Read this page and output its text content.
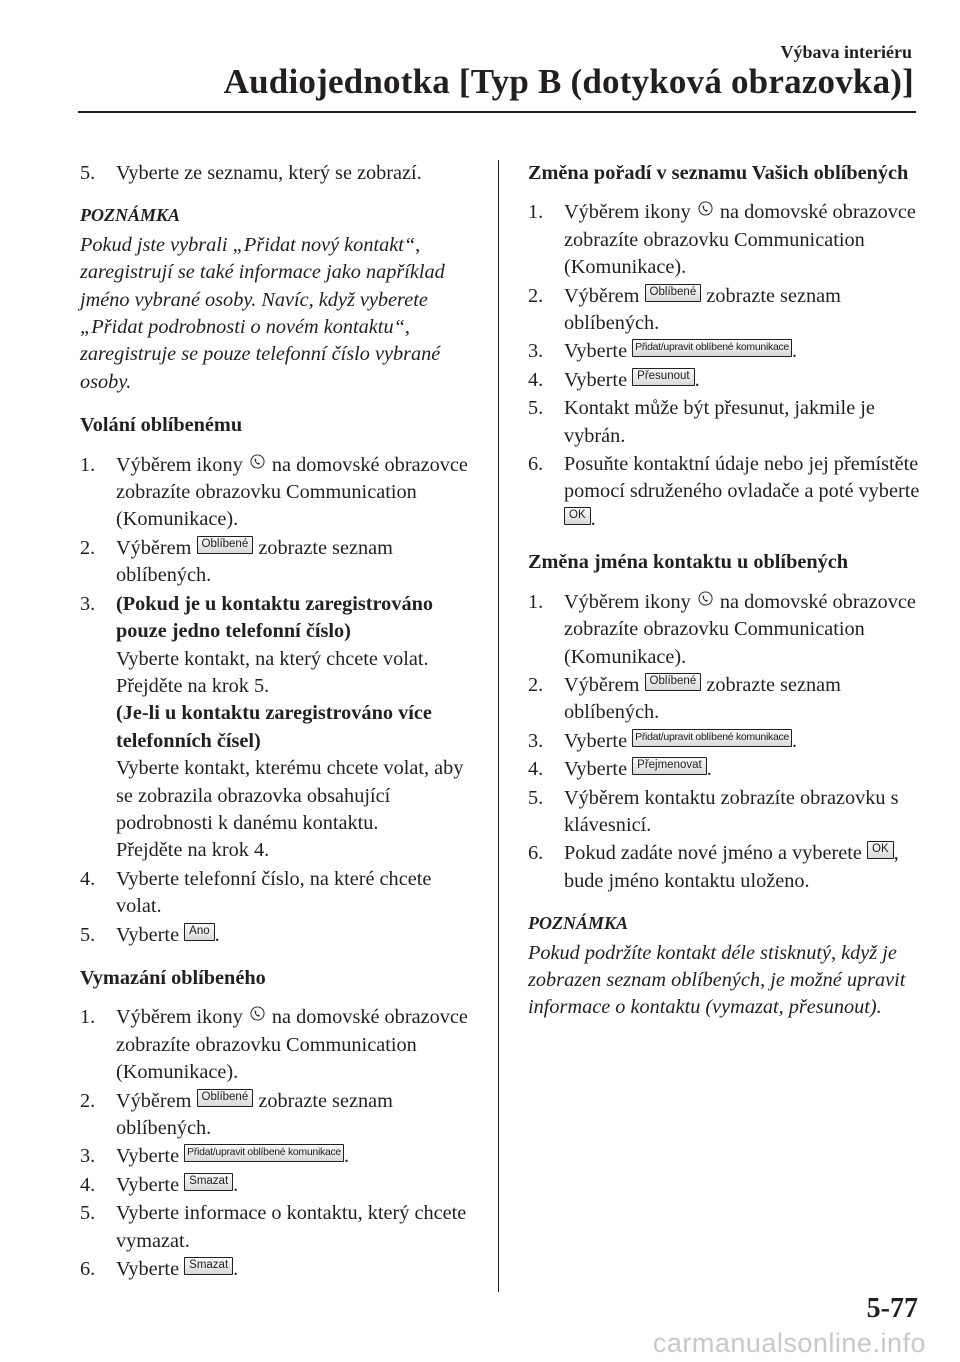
Výbava interiéru
Audiojednotka [Typ B (dotyková obrazovka)]
5. Vyberte ze seznamu, který se zobrazí.
POZNÁMKA

Pokud jste vybrali „Přidat nový kontakt“, zaregistrují se také informace jako například jméno vybrané osoby. Navíc, když vyberete „Přidat podrobnosti o novém kontaktu“, zaregistruje se pouze telefonní číslo vybrané osoby.

Volání oblíbenému
1. Výběrem ikony na domovské obrazovce zobrazíte obrazovku Communication (Komunikace).
2. Výběrem Oblíbené zobrazte seznam oblíbených.
3. (Pokud je u kontaktu zaregistrováno pouze jedno telefonní číslo)

Vyberte kontakt, na který chcete volat.

Přejděte na krok 5.

(Je-li u kontaktu zaregistrováno více telefonních čísel)

Vyberte kontakt, kterému chcete volat, aby se zobrazila obrazovka obsahující podrobnosti k danému kontaktu.

Přejděte na krok 4.

4. Vyberte telefonní číslo, na které chcete volat.
5. Vyberte Ano .
Vymazání oblíbeného
1. Výběrem ikony na domovské obrazovce zobrazíte obrazovku Communication (Komunikace).
2. Výběrem Oblíbené zobrazte seznam oblíbených.
3. Vyberte Přidat/upravit oblíbené komunikace .
4. Vyberte Smazat .
5. Vyberte informace o kontaktu, který chcete vymazat.
6. Vyberte Smazat .
Změna pořadí v seznamu Vašich oblíbených
1. Výběrem ikony na domovské obrazovce zobrazíte obrazovku Communication (Komunikace).
2. Výběrem Oblíbené zobrazte seznam oblíbených.
3. Vyberte Přidat/upravit oblíbené komunikace .
4. Vyberte Přesunout .
5. Kontakt může být přesunut, jakmile je vybrán.
6. Posuňte kontaktní údaje nebo jej přemístěte pomocí sdruženého ovladače a poté vyberte OK .
Změna jména kontaktu u oblíbených
1. Výběrem ikony na domovské obrazovce zobrazíte obrazovku Communication (Komunikace).
2. Výběrem Oblíbené zobrazte seznam oblíbených.
3. Vyberte Přidat/upravit oblíbené komunikace .
4. Vyberte Přejmenovat .
5. Výběrem kontaktu zobrazíte obrazovku s klávesnicí.
6. Pokud zadáte nové jméno a vyberete OK , bude jméno kontaktu uloženo.
POZNÁMKA

Pokud podržíte kontakt déle stisknutý, když je zobrazen seznam oblíbených, je možné upravit informace o kontaktu (vymazat, přesunout).

5-77
carmanualsonline.info
